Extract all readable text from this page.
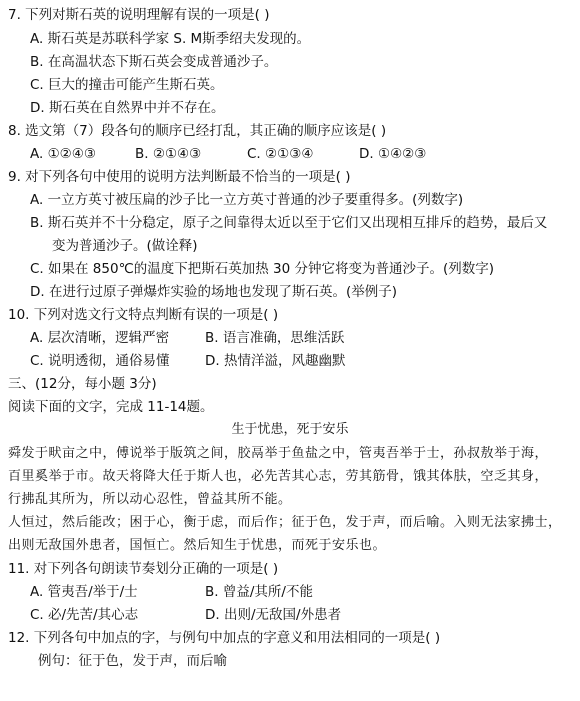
7. 下列对斯石英的说明理解有误的一项是( )
A. 斯石英是苏联科学家 S. M斯季绍夫发现的。
B. 在高温状态下斯石英会变成普通沙子。
C. 巨大的撞击可能产生斯石英。
D. 斯石英在自然界中并不存在。
8. 选文第（7）段各句的顺序已经打乱，其正确的顺序应该是( )
A. ①②④③	B. ②①④③	C. ②①③④	D. ①④②③
9. 对下列各句中使用的说明方法判断最不恰当的一项是( )
A. 一立方英寸被压扁的沙子比一立方英寸普通的沙子要重得多。(列数字)
B. 斯石英并不十分稳定，原子之间靠得太近以至于它们又出现相互排斥的趋势，最后又
变为普通沙子。(做诠释)
C. 如果在 850℃的温度下把斯石英加热 30 分钟它将变为普通沙子。(列数字)
D. 在进行过原子弹爆炸实验的场地也发现了斯石英。(举例子)
10. 下列对选文行文特点判断有误的一项是( )
A. 层次清晰，逻辑严密	B. 语言准确，思维活跃
C. 说明透彻，通俗易懂	D. 热情洋溢，风趣幽默
三、(12分，每小题 3分)
阅读下面的文字，完成 11-14题。
生于忧患，死于安乐
舜发于畎亩之中，傅说举于版筑之间，胶鬲举于鱼盐之中，管夷吾举于士，孙叔敖举于海，
百里奚举于市。故天将降大任于斯人也，必先苦其心志，劳其筋骨，饿其体肤，空乏其身，
行拂乱其所为，所以动心忍性，曾益其所不能。
人恒过，然后能改；困于心，衡于虑，而后作；征于色，发于声，而后喻。入则无法家拂士，
出则无敌国外患者，国恒亡。然后知生于忧患，而死于安乐也。
11. 对下列各句朗读节奏划分正确的一项是( )
A. 管夷吾/举于/士	B. 曾益/其所/不能
C. 必/先苦/其心志	D. 出则/无敌国/外患者
12. 下列各句中加点的字，与例句中加点的字意义和用法相同的一项是( )
例句：征于色，发于声，而后喻
